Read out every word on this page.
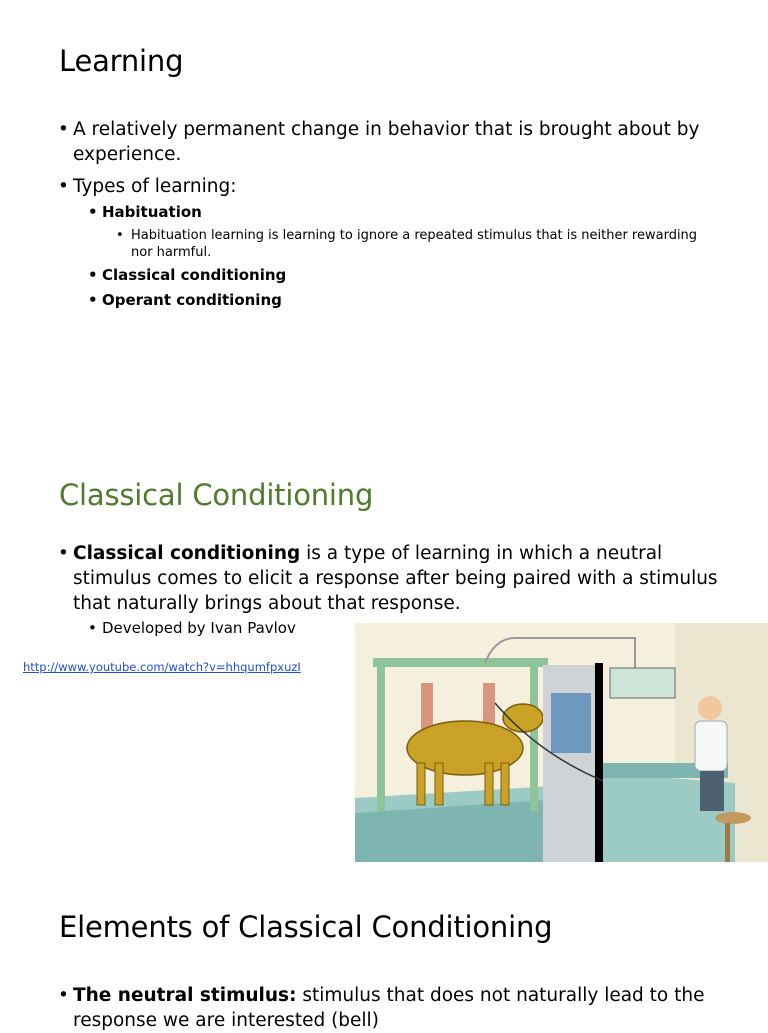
Learning
• A relatively permanent change in behavior that is brought about by experience.
• Types of learning:
• Habituation
• Habituation learning is learning to ignore a repeated stimulus that is neither rewarding nor harmful.
• Classical conditioning
• Operant conditioning
Classical Conditioning
• Classical conditioning is a type of learning in which a neutral stimulus comes to elicit a response after being paired with a stimulus that naturally brings about that response.
• Developed by Ivan Pavlov
http://www.youtube.com/watch?v=hhqumfpxuzI
Elements of Classical Conditioning
• The neutral stimulus: stimulus that does not naturally lead to the response we are interested (bell)
